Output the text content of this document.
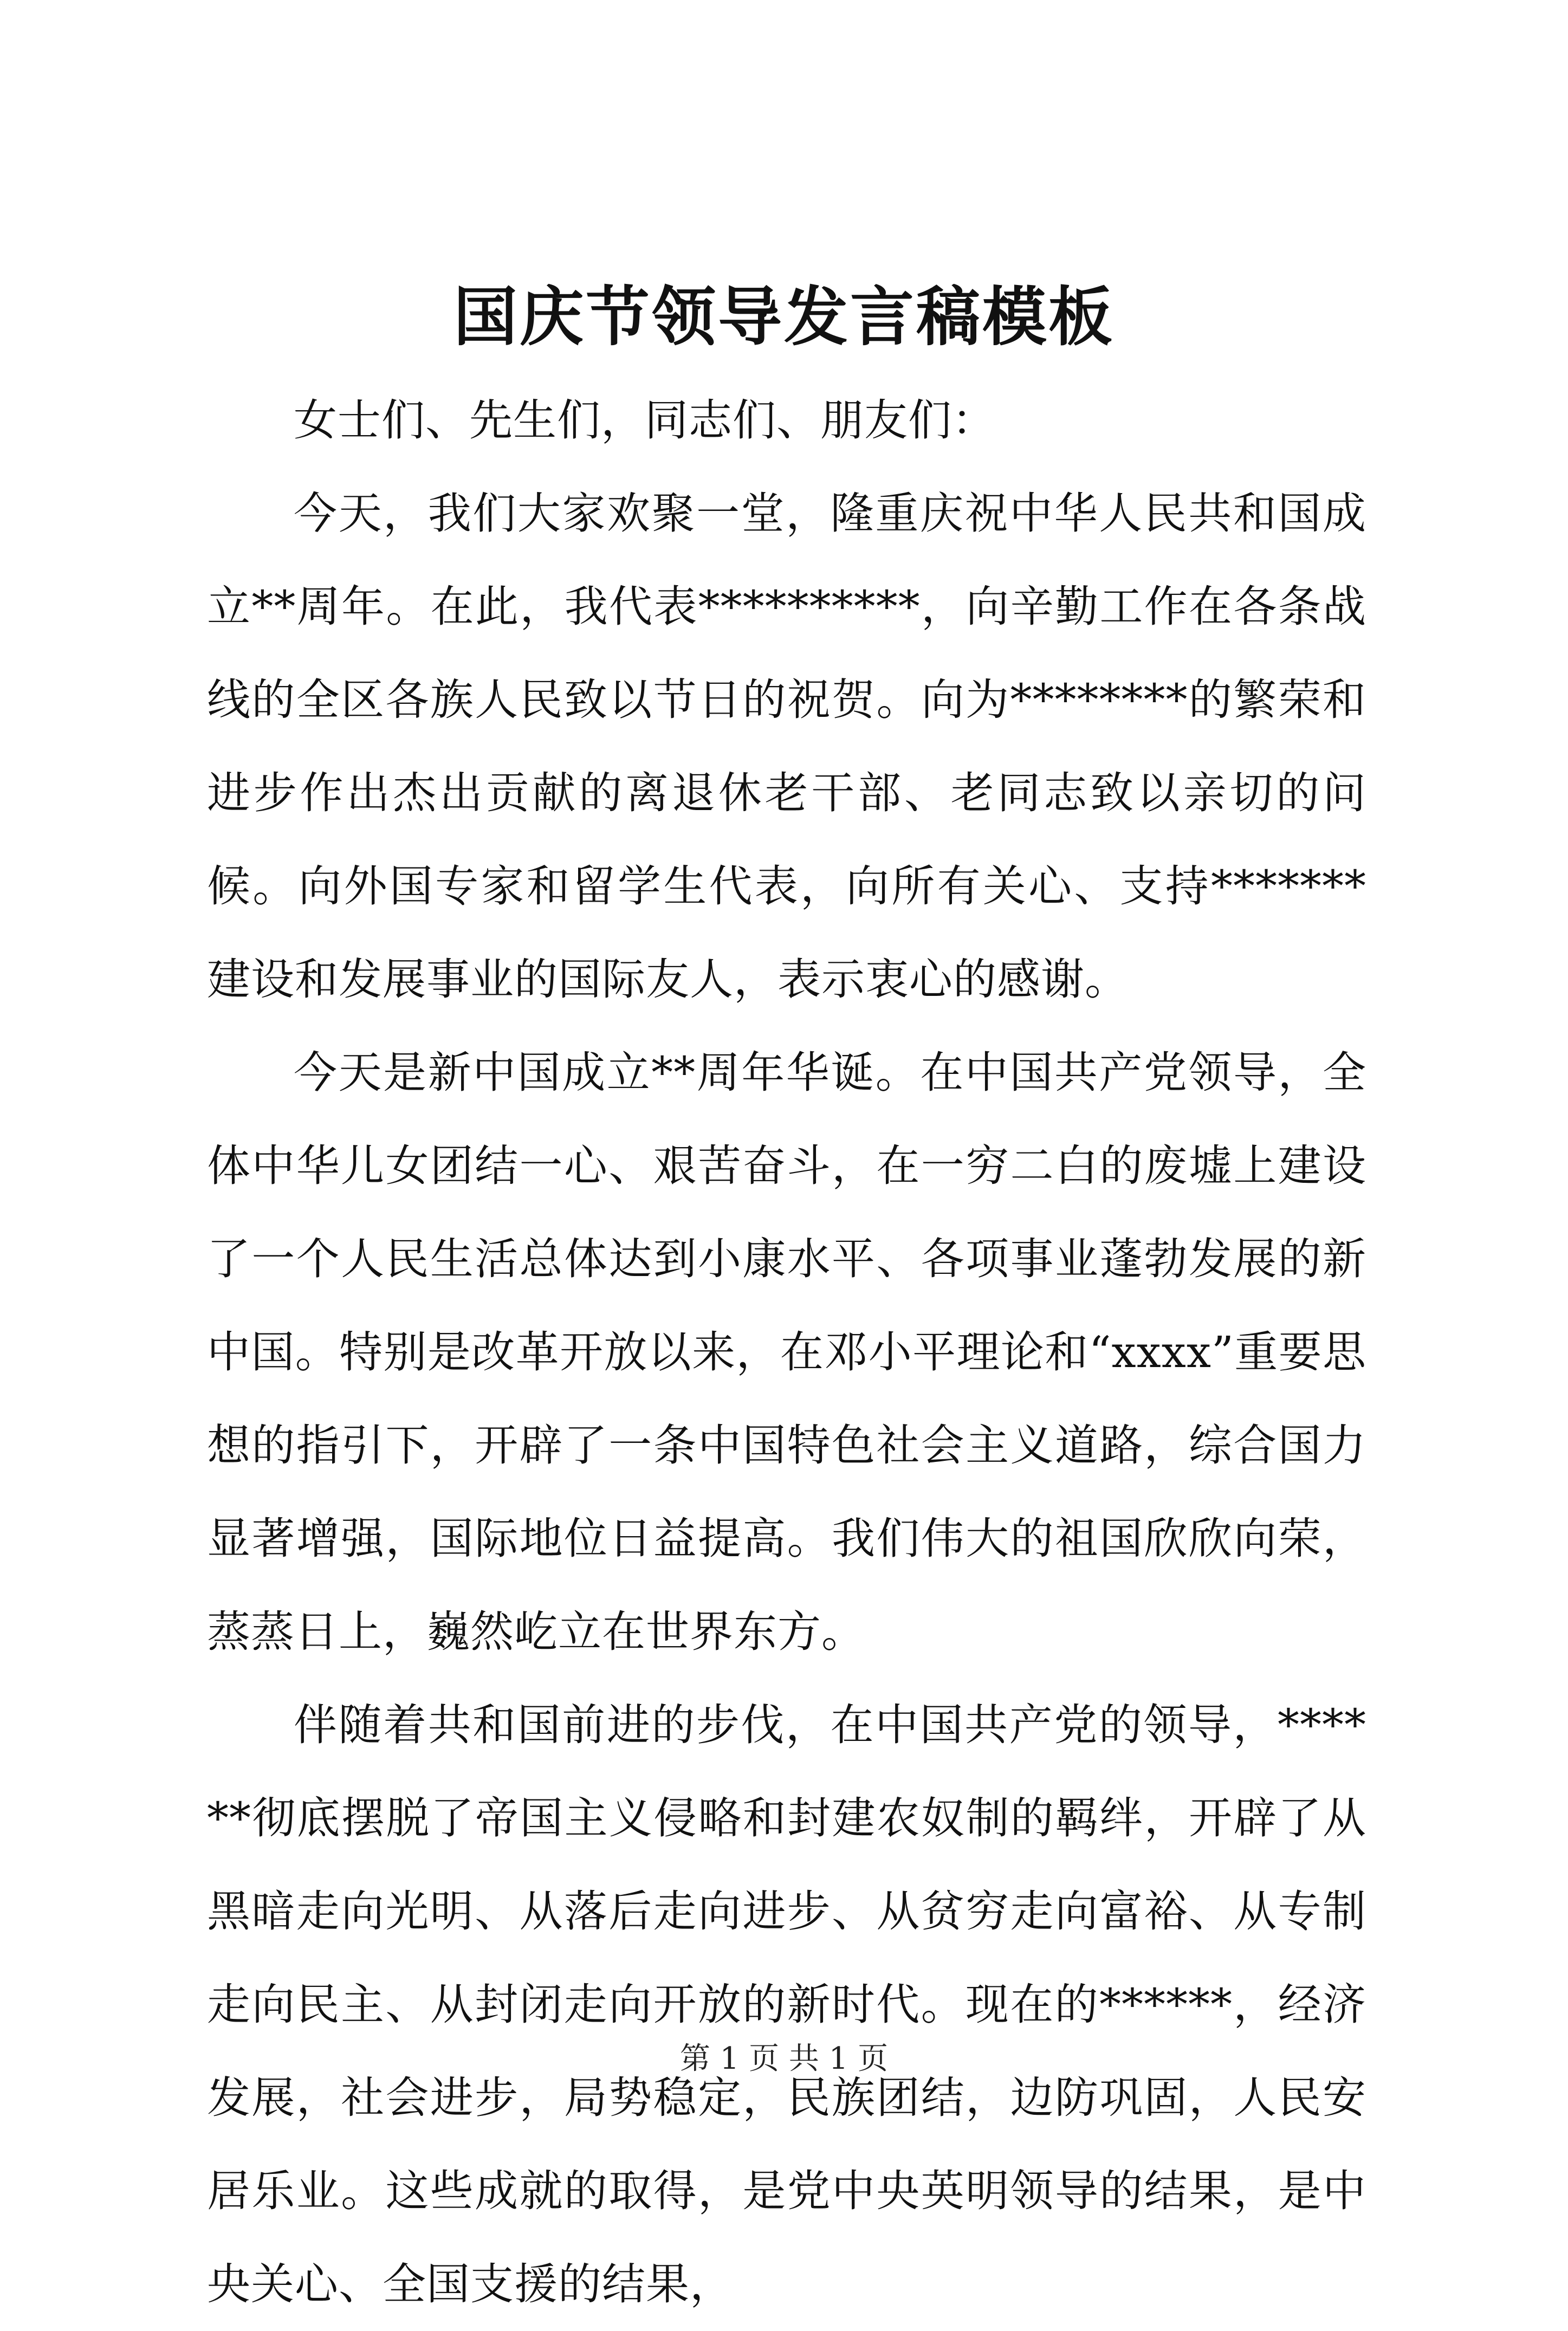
国庆节领导发言稿模板

女士们、先生们，同志们、朋友们：

今天，我们大家欢聚一堂，隆重庆祝中华人民共和国成立**周年。在此，我代表**********，向辛勤工作在各条战线的全区各族人民致以节日的祝贺。向为********的繁荣和进步作出杰出贡献的离退休老干部、老同志致以亲切的问候。向外国专家和留学生代表，向所有关心、支持*******建设和发展事业的国际友人，表示衷心的感谢。

今天是新中国成立**周年华诞。在中国共产党领导，全体中华儿女团结一心、艰苦奋斗，在一穷二白的废墟上建设了一个人民生活总体达到小康水平、各项事业蓬勃发展的新中国。特别是改革开放以来，在邓小平理论和“xxxx”重要思想的指引下，开辟了一条中国特色社会主义道路，综合国力显著增强，国际地位日益提高。我们伟大的祖国欣欣向荣，蒸蒸日上，巍然屹立在世界东方。

伴随着共和国前进的步伐，在中国共产党的领导，******彻底摆脱了帝国主义侵略和封建农奴制的羁绊，开辟了从黑暗走向光明、从落后走向进步、从贫穷走向富裕、从专制走向民主、从封闭走向开放的新时代。现在的******，经济发展，社会进步，局势稳定，民族团结，边防巩固，人民安居乐业。这些成就的取得，是党中央英明领导的结果，是中央关心、全国支援的结果，

第 1 页 共 1 页
